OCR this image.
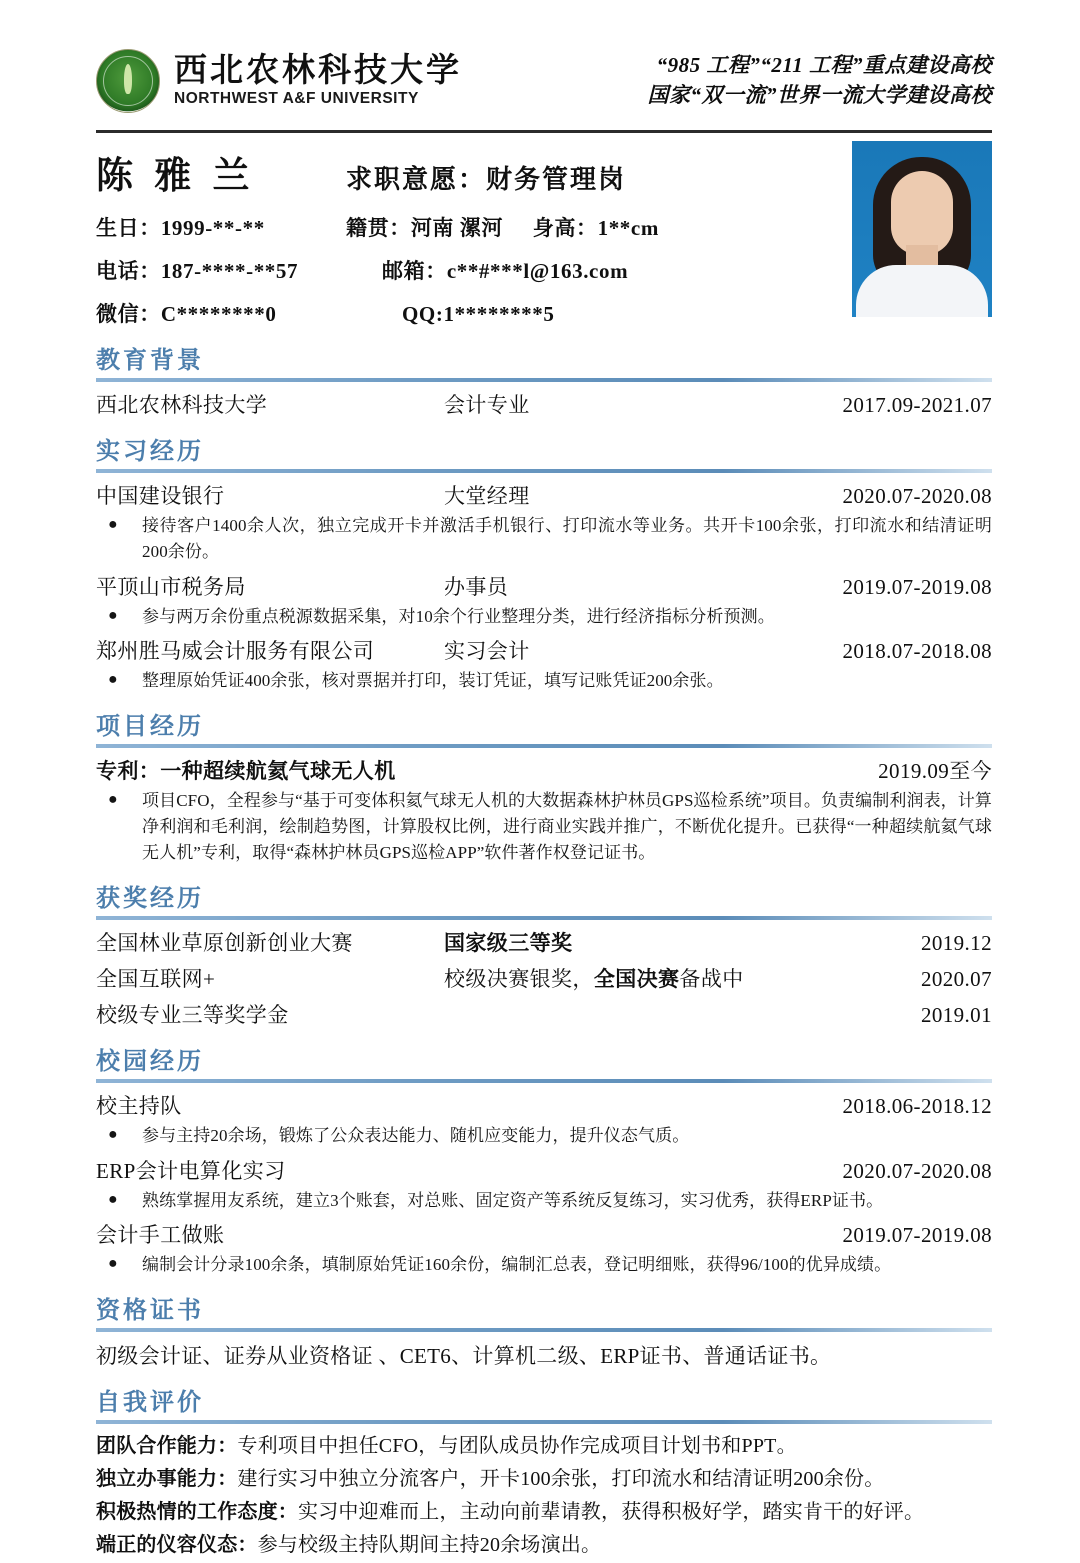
西北农林科技大学
NORTHWEST A&F UNIVERSITY
“985 工程”“211 工程”重点建设高校
国家“双一流”世界一流大学建设高校
陈 雅 兰	求职意愿：财务管理岗
生日：1999-**-**	籍贯：河南 漯河 身高：1**cm
电话：187-****-**57	邮箱：c**#***l@163.com
微信：C********0	QQ:1********5
教育背景
西北农林科技大学	会计专业	2017.09-2021.07
实习经历
中国建设银行	大堂经理	2020.07-2020.08
●	接待客户1400余人次，独立完成开卡并激活手机银行、打印流水等业务。共开卡100余张，打印流水和结清证明200余份。
平顶山市税务局	办事员	2019.07-2019.08
●	参与两万余份重点税源数据采集，对10余个行业整理分类，进行经济指标分析预测。
郑州胜马威会计服务有限公司	实习会计	2018.07-2018.08
●	整理原始凭证400余张，核对票据并打印，装订凭证，填写记账凭证200余张。
项目经历
专利：一种超续航氦气球无人机	2019.09至今
●	项目CFO，全程参与“基于可变体积氦气球无人机的大数据森林护林员GPS巡检系统”项目。负责编制利润表，计算净利润和毛利润，绘制趋势图，计算股权比例，进行商业实践并推广，不断优化提升。已获得“一种超续航氦气球无人机”专利，取得“森林护林员GPS巡检APP”软件著作权登记证书。
获奖经历
全国林业草原创新创业大赛	国家级三等奖	2019.12
全国互联网+	校级决赛银奖，全国决赛备战中	2020.07
校级专业三等奖学金	2019.01
校园经历
校主持队	2018.06-2018.12
●	参与主持20余场，锻炼了公众表达能力、随机应变能力，提升仪态气质。
ERP会计电算化实习	2020.07-2020.08
●	熟练掌握用友系统，建立3个账套，对总账、固定资产等系统反复练习，实习优秀，获得ERP证书。
会计手工做账	2019.07-2019.08
●	编制会计分录100余条，填制原始凭证160余份，编制汇总表，登记明细账，获得96/100的优异成绩。
资格证书
初级会计证、证券从业资格证 、CET6、计算机二级、ERP证书、普通话证书。
自我评价
团队合作能力：专利项目中担任CFO，与团队成员协作完成项目计划书和PPT。
独立办事能力：建行实习中独立分流客户，开卡100余张，打印流水和结清证明200余份。
积极热情的工作态度：实习中迎难而上，主动向前辈请教，获得积极好学，踏实肯干的好评。
端正的仪容仪态：参与校级主持队期间主持20余场演出。
